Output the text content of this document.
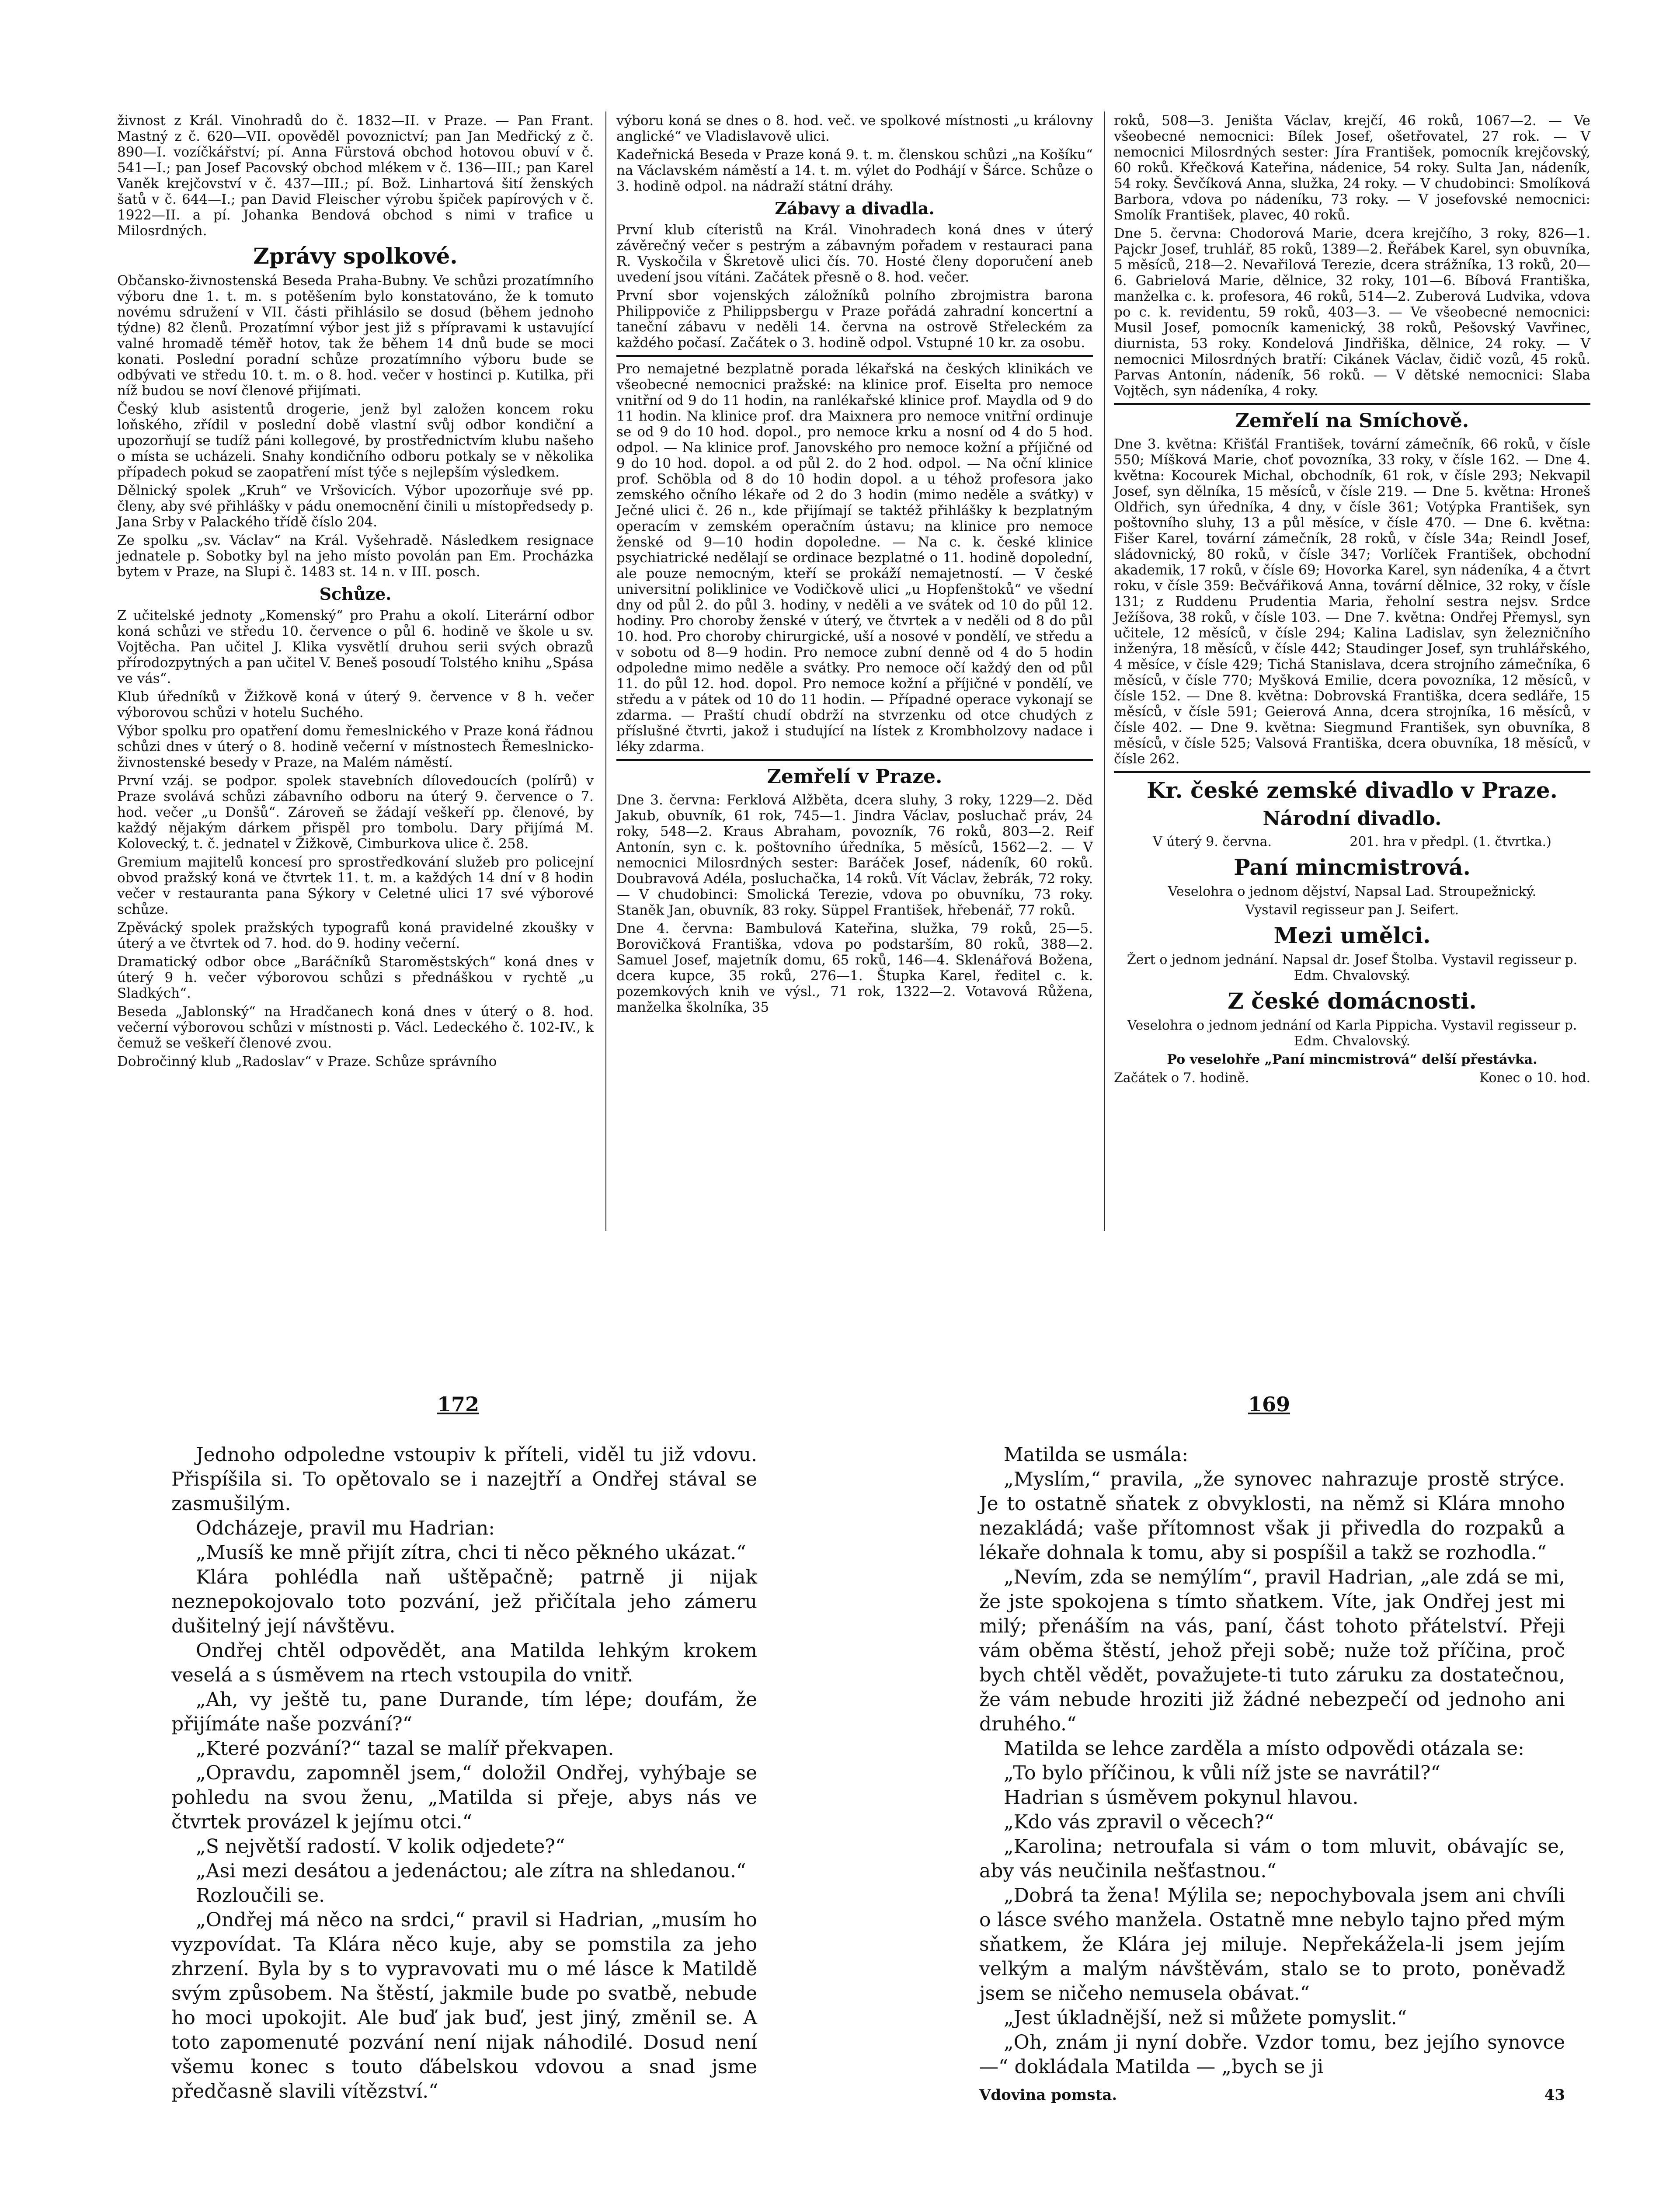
živnost z Král. Vinohradů do č. 1832—II. v Praze. — Pan Frant. Mastný z č. 620—VII. opověděl povoznictví; pan Jan Medřický z č. 890—I. vozíčkářství; pí. Anna Fürstová obchod hotovou obuví v č. 541—I.; pan Josef Pacovský obchod mlékem v č. 136—III.; pan Karel Vaněk krejčovství v č. 437—III.; pí. Bož. Linhartová šití ženských šatů v č. 644—I.; pan David Fleischer výrobu špiček papírových v č. 1922—II. a pí. Johanka Bendová obchod s nimi v trafice u Milosrdných.

Zprávy spolkové.

Občansko-živnostenská Beseda Praha-Bubny. Ve schůzi prozatímního výboru dne 1. t. m. s potěšením bylo konstatováno, že k tomuto novému sdružení v VII. části přihlásilo se dosud (během jednoho týdne) 82 členů. Prozatímní výbor jest již s přípravami k ustavující valné hromadě téměř hotov, tak že během 14 dnů bude se moci konati. Poslední poradní schůze prozatímního výboru bude se odbývati ve středu 10. t. m. o 8. hod. večer v hostinci p. Kutilka, při níž budou se noví členové přijímati.

Český klub asistentů drogerie, jenž byl založen koncem roku loňského, zřídil v poslední době vlastní svůj odbor kondiční a upozorňují se tudíž páni kollegové, by prostřednictvím klubu našeho o místa se ucházeli. Snahy kondičního odboru potkaly se v několika případech pokud se zaopatření míst týče s nejlepším výsledkem.

Dělnický spolek „Kruh“ ve Vršovicích. Výbor upozorňuje své pp. členy, aby své přihlášky v pádu onemocnění činili u místopředsedy p. Jana Srby v Palackého třídě číslo 204.

Ze spolku „sv. Václav“ na Král. Vyšehradě. Následkem resignace jednatele p. Sobotky byl na jeho místo povolán pan Em. Procházka bytem v Praze, na Slupi č. 1483 st. 14 n. v III. posch.

Schůze.

Z učitelské jednoty „Komenský“ pro Prahu a okolí. Literární odbor koná schůzi ve středu 10. července o půl 6. hodině ve škole u sv. Vojtěcha. Pan učitel J. Klika vysvětlí druhou serii svých obrazů přírodozpytných a pan učitel V. Beneš posoudí Tolstého knihu „Spása ve vás“.

Klub úředníků v Žižkově koná v úterý 9. července v 8 h. večer výborovou schůzi v hotelu Suchého.

Výbor spolku pro opatření domu řemeslnického v Praze koná řádnou schůzi dnes v úterý o 8. hodině večerní v místnostech Řemeslnicko-živnostenské besedy v Praze, na Malém náměstí.

První vzáj. se podpor. spolek stavebních dílovedoucích (polírů) v Praze svolává schůzi zábavního odboru na úterý 9. července o 7. hod. večer „u Donšů“. Zároveň se žádají veškeří pp. členové, by každý nějakým dárkem přispěl pro tombolu. Dary přijímá M. Kolovecký, t. č. jednatel v Žižkově, Cimburkova ulice č. 258.

Gremium majitelů koncesí pro sprostředkování služeb pro policejní obvod pražský koná ve čtvrtek 11. t. m. a každých 14 dní v 8 hodin večer v restauranta pana Sýkory v Celetné ulici 17 své výborové schůze.

Zpěvácký spolek pražských typografů koná pravidelné zkoušky v úterý a ve čtvrtek od 7. hod. do 9. hodiny večerní.

Dramatický odbor obce „Baráčníků Staroměstských“ koná dnes v úterý 9 h. večer výborovou schůzi s přednáškou v rychtě „u Sladkých“.

Beseda „Jablonský“ na Hradčanech koná dnes v úterý o 8. hod. večerní výborovou schůzi v místnosti p. Václ. Ledeckého č. 102-IV., k čemuž se veškeří členové zvou.

Dobročinný klub „Radoslav“ v Praze. Schůze správního

výboru koná se dnes o 8. hod. več. ve spolkové místnosti „u královny anglické“ ve Vladislavově ulici.

Kadeřnická Beseda v Praze koná 9. t. m. členskou schůzi „na Košíku“ na Václavském náměstí a 14. t. m. výlet do Podhájí v Šárce. Schůze o 3. hodině odpol. na nádraží státní dráhy.

Zábavy a divadla.

První klub cíteristů na Král. Vinohradech koná dnes v úterý závěrečný večer s pestrým a zábavným pořadem v restauraci pana R. Vyskočila v Škretově ulici čís. 70. Hosté členy doporučení aneb uvedení jsou vítáni. Začátek přesně o 8. hod. večer.

První sbor vojenských záložníků polního zbrojmistra barona Philippoviče z Philippsbergu v Praze pořádá zahradní koncertní a taneční zábavu v neděli 14. června na ostrově Střeleckém za každého počasí. Začátek o 3. hodině odpol. Vstupné 10 kr. za osobu.

Pro nemajetné bezplatně porada lékařská na českých klinikách ve všeobecné nemocnici pražské: na klinice prof. Eiselta pro nemoce vnitřní od 9 do 11 hodin, na ranlékařské klinice prof. Maydla od 9 do 11 hodin. Na klinice prof. dra Maixnera pro nemoce vnitřní ordinuje se od 9 do 10 hod. dopol., pro nemoce krku a nosní od 4 do 5 hod. odpol. — Na klinice prof. Janovského pro nemoce kožní a příjičné od 9 do 10 hod. dopol. a od půl 2. do 2 hod. odpol. — Na oční klinice prof. Schöbla od 8 do 10 hodin dopol. a u téhož profesora jako zemského očního lékaře od 2 do 3 hodin (mimo neděle a svátky) v Ječné ulici č. 26 n., kde přijímají se taktéž přihlášky k bezplatným operacím v zemském operačním ústavu; na klinice pro nemoce ženské od 9—10 hodin dopoledne. — Na c. k. české klinice psychiatrické nedělají se ordinace bezplatné o 11. hodině dopolední, ale pouze nemocným, kteří se prokáží nemajetností. — V české universitní poliklinice ve Vodičkově ulici „u Hopfenštoků“ ve všední dny od půl 2. do půl 3. hodiny, v neděli a ve svátek od 10 do půl 12. hodiny. Pro choroby ženské v úterý, ve čtvrtek a v neděli od 8 do půl 10. hod. Pro choroby chirurgické, uší a nosové v pondělí, ve středu a v sobotu od 8—9 hodin. Pro nemoce zubní denně od 4 do 5 hodin odpoledne mimo neděle a svátky. Pro nemoce očí každý den od půl 11. do půl 12. hod. dopol. Pro nemoce kožní a příjičné v pondělí, ve středu a v pátek od 10 do 11 hodin. — Případné operace vykonají se zdarma. — Praští chudí obdrží na stvrzenku od otce chudých z příslušné čtvrti, jakož i studující na lístek z Krombholzovy nadace i léky zdarma.

Zemřelí v Praze.

Dne 3. června: Ferklová Alžběta, dcera sluhy, 3 roky, 1229—2. Děd Jakub, obuvník, 61 rok, 745—1. Jindra Václav, posluchač práv, 24 roky, 548—2. Kraus Abraham, povozník, 76 roků, 803—2. Reif Antonín, syn c. k. poštovního úředníka, 5 měsíců, 1562—2. — V nemocnici Milosrdných sester: Baráček Josef, nádeník, 60 roků. Doubravová Adéla, posluchačka, 14 roků. Vít Václav, žebrák, 72 roky. — V chudobinci: Smolická Terezie, vdova po obuvníku, 73 roky. Staněk Jan, obuvník, 83 roky. Süppel František, hřebenář, 77 roků.

Dne 4. června: Bambulová Kateřina, služka, 79 roků, 25—5. Borovičková Františka, vdova po podstarším, 80 roků, 388—2. Samuel Josef, majetník domu, 65 roků, 146—4. Sklenářová Božena, dcera kupce, 35 roků, 276—1. Štupka Karel, ředitel c. k. pozemkových knih ve výsl., 71 rok, 1322—2. Votavová Růžena, manželka školníka, 35

roků, 508—3. Jeništa Václav, krejčí, 46 roků, 1067—2. — Ve všeobecné nemocnici: Bílek Josef, ošetřovatel, 27 rok. — V nemocnici Milosrdných sester: Jíra František, pomocník krejčovský, 60 roků. Křečková Kateřina, nádenice, 54 roky. Sulta Jan, nádeník, 54 roky. Ševčíková Anna, služka, 24 roky. — V chudobinci: Smolíková Barbora, vdova po nádeníku, 73 roky. — V josefovské nemocnici: Smolík František, plavec, 40 roků.

Dne 5. června: Chodorová Marie, dcera krejčího, 3 roky, 826—1. Pajckr Josef, truhlář, 85 roků, 1389—2. Řeřábek Karel, syn obuvníka, 5 měsíců, 218—2. Nevařilová Terezie, dcera strážníka, 13 roků, 20—6. Gabrielová Marie, dělnice, 32 roky, 101—6. Bíbová Františka, manželka c. k. profesora, 46 roků, 514—2. Zuberová Ludvika, vdova po c. k. revidentu, 59 roků, 403—3. — Ve všeobecné nemocnici: Musil Josef, pomocník kamenický, 38 roků, Pešovský Vavřinec, diurnista, 53 roky. Kondelová Jindřiška, dělnice, 24 roky. — V nemocnici Milosrdných bratří: Cikánek Václav, čidič vozů, 45 roků. Parvas Antonín, nádeník, 56 roků. — V dětské nemocnici: Slaba Vojtěch, syn nádeníka, 4 roky.

Zemřelí na Smíchově.

Dne 3. května: Křišťál František, tovární zámečník, 66 roků, v čísle 550; Míšková Marie, choť povozníka, 33 roky, v čísle 162. — Dne 4. května: Kocourek Michal, obchodník, 61 rok, v čísle 293; Nekvapil Josef, syn dělníka, 15 měsíců, v čísle 219. — Dne 5. května: Hroneš Oldřich, syn úředníka, 4 dny, v čísle 361; Votýpka František, syn poštovního sluhy, 13 a půl měsíce, v čísle 470. — Dne 6. května: Fišer Karel, tovární zámečník, 28 roků, v čísle 34a; Reindl Josef, sládovnický, 80 roků, v čísle 347; Vorlíček František, obchodní akademik, 17 roků, v čísle 69; Hovorka Karel, syn nádeníka, 4 a čtvrt roku, v čísle 359: Bečvářiková Anna, tovární dělnice, 32 roky, v čísle 131; z Ruddenu Prudentia Maria, řeholní sestra nejsv. Srdce Ježíšova, 38 roků, v čísle 103. — Dne 7. května: Ondřej Přemysl, syn učitele, 12 měsíců, v čísle 294; Kalina Ladislav, syn železničního inženýra, 18 měsíců, v čísle 442; Staudinger Josef, syn truhlářského, 4 měsíce, v čísle 429; Tichá Stanislava, dcera strojního zámečníka, 6 měsíců, v čísle 770; Myšková Emilie, dcera povozníka, 12 měsíců, v čísle 152. — Dne 8. května: Dobrovská Františka, dcera sedláře, 15 měsíců, v čísle 591; Geierová Anna, dcera strojníka, 16 měsíců, v čísle 402. — Dne 9. května: Siegmund František, syn obuvníka, 8 měsíců, v čísle 525; Valsová Františka, dcera obuvníka, 18 měsíců, v čísle 262.

Kr. české zemské divadlo v Praze.
Národní divadlo.
V úterý 9. června.	201. hra v předpl. (1. čtvrtka.)
Paní mincmistrová.

Veselohra o jednom dějství, Napsal Lad. Stroupežnický.

Vystavil regisseur pan J. Seifert.

Mezi umělci.

Žert o jednom jednání. Napsal dr. Josef Štolba. Vystavil regisseur p. Edm. Chvalovský.

Z české domácnosti.

Veselohra o jednom jednání od Karla Pippicha. Vystavil regisseur p. Edm. Chvalovský.

Po veselohře „Paní mincmistrová“ delší přestávka.

Začátek o 7. hodině.	Konec o 10. hod.
172	169

Jednoho odpoledne vstoupiv k příteli, viděl tu již vdovu. Přispíšila si. To opětovalo se i nazejtří a Ondřej stával se zasmušilým.

Odcházeje, pravil mu Hadrian:

„Musíš ke mně přijít zítra, chci ti něco pěkného ukázat.“

Klára pohlédla naň uštěpačně; patrně ji nijak neznepokojovalo toto pozvání, jež přičítala jeho zámeru dušitelný její návštěvu.

Ondřej chtěl odpovědět, ana Matilda lehkým krokem veselá a s úsměvem na rtech vstoupila do vnitř.

„Ah, vy ještě tu, pane Durande, tím lépe; doufám, že přijímáte naše pozvání?“

„Které pozvání?“ tazal se malíř překvapen.

„Opravdu, zapomněl jsem,“ doložil Ondřej, vyhýbaje se pohledu na svou ženu, „Matilda si přeje, abys nás ve čtvrtek provázel k jejímu otci.“

„S největší radostí. V kolik odjedete?“

„Asi mezi desátou a jedenáctou; ale zítra na shledanou.“

Rozloučili se.

„Ondřej má něco na srdci,“ pravil si Hadrian, „musím ho vyzpovídat. Ta Klára něco kuje, aby se pomstila za jeho zhrzení. Byla by s to vypravovati mu o mé lásce k Matildě svým způsobem. Na štěstí, jakmile bude po svatbě, nebude ho moci upokojit. Ale buď jak buď, jest jiný, změnil se. A toto zapomenuté pozvání není nijak náhodilé. Dosud není všemu konec s touto ďábelskou vdovou a snad jsme předčasně slavili vítězství.“

Matilda se usmála:

„Myslím,“ pravila, „že synovec nahrazuje prostě strýce. Je to ostatně sňatek z obvyklosti, na němž si Klára mnoho nezakládá; vaše přítomnost však ji přivedla do rozpaků a lékaře dohnala k tomu, aby si pospíšil a takž se rozhodla.“

„Nevím, zda se nemýlím“, pravil Hadrian, „ale zdá se mi, že jste spokojena s tímto sňatkem. Víte, jak Ondřej jest mi milý; přenáším na vás, paní, část tohoto přátelství. Přeji vám oběma štěstí, jehož přeji sobě; nuže tož příčina, proč bych chtěl vědět, považujete-ti tuto záruku za dostatečnou, že vám nebude hroziti již žádné nebezpečí od jednoho ani druhého.“

Matilda se lehce zarděla a místo odpovědi otázala se:

„To bylo příčinou, k vůli níž jste se navrátil?“

Hadrian s úsměvem pokynul hlavou.

„Kdo vás zpravil o věcech?“

„Karolina; netroufala si vám o tom mluvit, obávajíc se, aby vás neučinila nešťastnou.“

„Dobrá ta žena! Mýlila se; nepochybovala jsem ani chvíli o lásce svého manžela. Ostatně mne nebylo tajno před mým sňatkem, že Klára jej miluje. Nepřekážela-li jsem jejím velkým a malým návštěvám, stalo se to proto, poněvadž jsem se ničeho nemusela obávat.“

„Jest úkladnější, než si můžete pomyslit.“

„Oh, znám ji nyní dobře. Vzdor tomu, bez jejího synovce —“ dokládala Matilda — „bych se ji

Vdovina pomsta.	43
